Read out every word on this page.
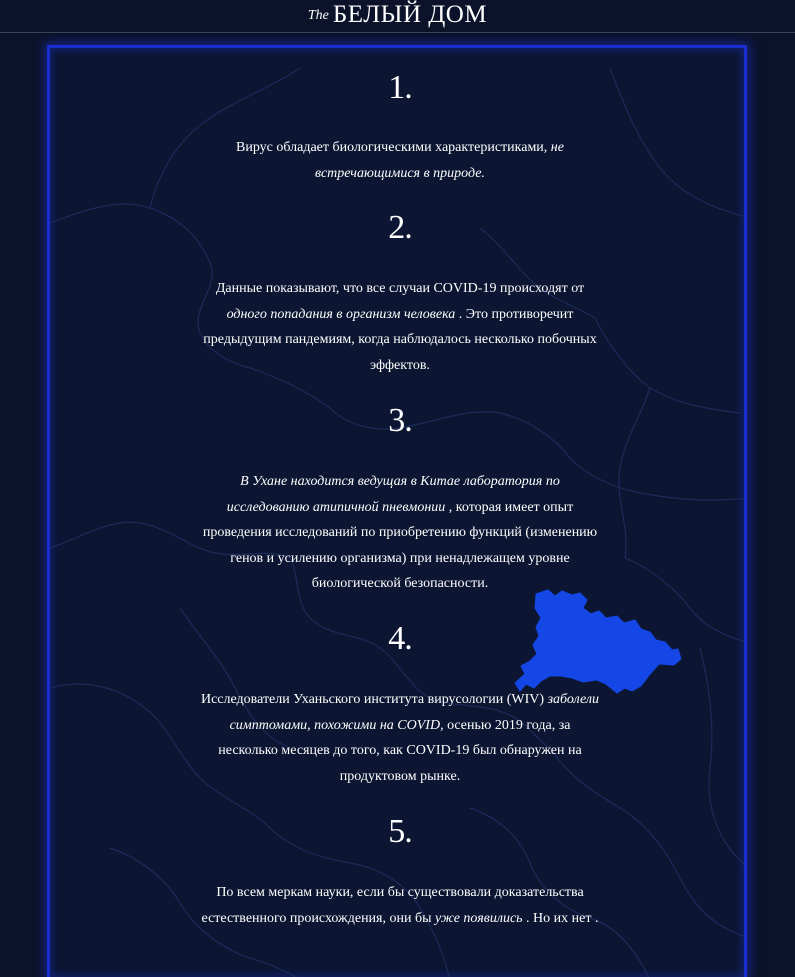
The БЕЛЫЙ ДОМ
1.

Вирус обладает биологическими характеристиками, не встречающимися в природе.

2.

Данные показывают, что все случаи COVID-19 происходят от одного попадания в организм человека . Это противоречит предыдущим пандемиям, когда наблюдалось несколько побочных эффектов.

3.

В Ухане находится ведущая в Китае лаборатория по исследованию атипичной пневмонии , которая имеет опыт проведения исследований по приобретению функций (изменению генов и усилению организма) при ненадлежащем уровне биологической безопасности.

4.

Исследователи Уханьского института вирусологии (WIV) заболели симптомами, похожими на COVID, осенью 2019 года, за несколько месяцев до того, как COVID-19 был обнаружен на продуктовом рынке.

5.

По всем меркам науки, если бы существовали доказательства естественного происхождения, они бы уже появились . Но их нет .
